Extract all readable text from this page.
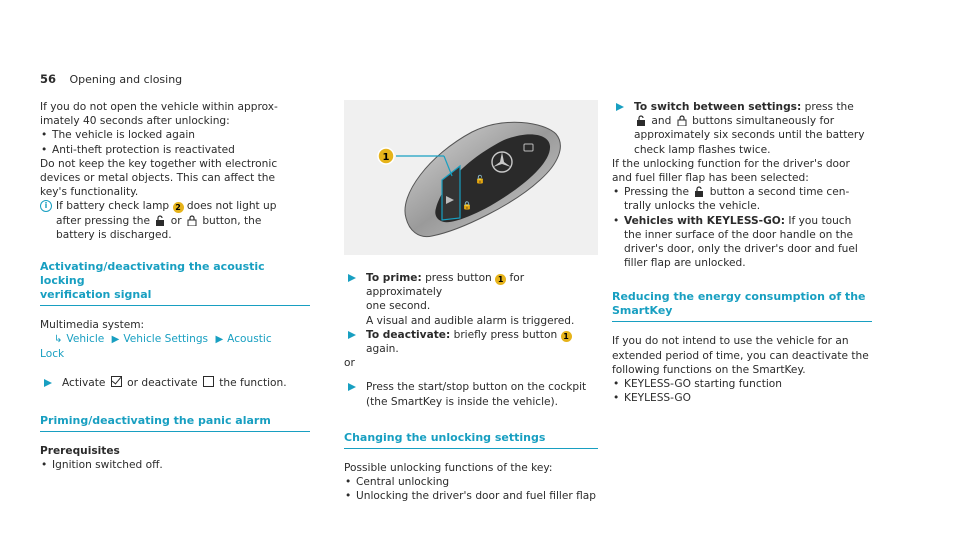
56 Opening and closing

If you do not open the vehicle within approx-
imately 40 seconds after unlocking:

• The vehicle is locked again
• Anti-theft protection is reactivated

Do not keep the key together with electronic
devices or metal objects. This can affect the
key's functionality.

i If battery check lamp 2 does not light up
after pressing the or button, the
battery is discharged.
Activating/deactivating the acoustic locking
verification signal

Multimedia system:

↳ Vehicle ▶ Vehicle Settings ▶ Acoustic

Lock

Activate or deactivate the function.
Priming/deactivating the panic alarm

Prerequisites

• Ignition switched off.
🔓
🔒
1
To prime: press button 1 for approximately
one second.
A visual and audible alarm is triggered.
To deactivate: briefly press button 1 again.

or

Press the start/stop button on the cockpit
(the SmartKey is inside the vehicle).
Changing the unlocking settings

Possible unlocking functions of the key:

• Central unlocking
• Unlocking the driver's door and fuel filler flap
To switch between settings: press the
and buttons simultaneously for
approximately six seconds until the battery
check lamp flashes twice.

If the unlocking function for the driver's door
and fuel filler flap has been selected:

• Pressing the button a second time cen-
trally unlocks the vehicle.
• Vehicles with KEYLESS-GO: If you touch
the inner surface of the door handle on the
driver's door, only the driver's door and fuel
filler flap are unlocked.
Reducing the energy consumption of the
SmartKey

If you do not intend to use the vehicle for an
extended period of time, you can deactivate the
following functions on the SmartKey.

• KEYLESS-GO starting function
• KEYLESS-GO
